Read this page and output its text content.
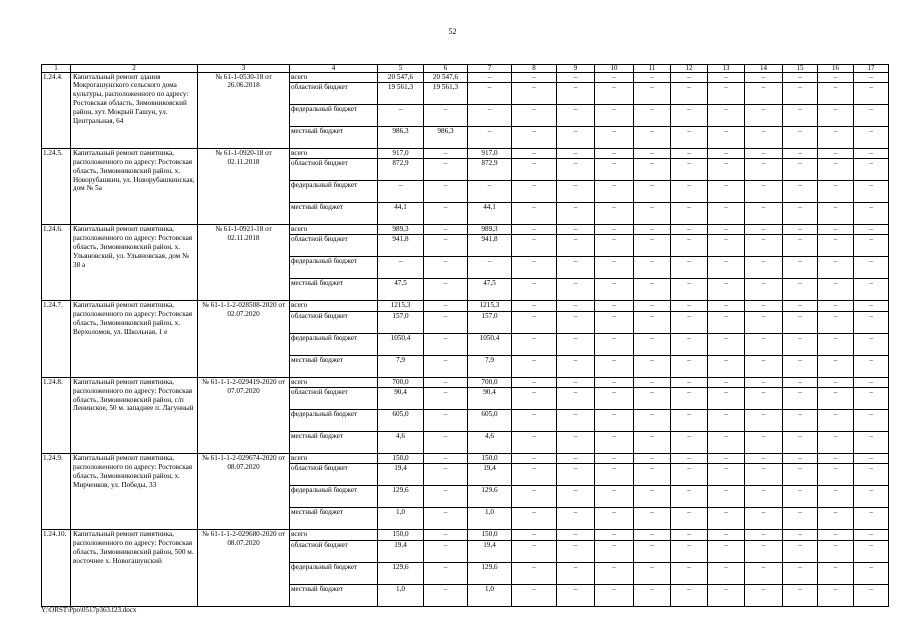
52
1	2	3	4	5	6	7	8	9	10	11	12	13	14	15	16	17
1.24.4.	Капитальный ремонт здания Мокрогашунского сельского дома культуры, расположенного по адресу: Ростовская область, Зимовниковский район, хут. Мокрый Гашун, ул. Центральная, 64	№ 61-1-0530-18 от 26.06.2018	всего	20 547,6	20 547,6	–	–	–	–	–	–	–	–	–	–	–
			областной бюджет	19 561,3	19 561,3	–	–	–	–	–	–	–	–	–	–	–
			федеральный бюджет	–	–	–	–	–	–	–	–	–	–	–	–	–
			местный бюджет	986,3	986,3	–	–	–	–	–	–	–	–	–	–	–
1.24.5.	Капитальный ремонт памятника, расположенного по адресу: Ростовская область, Зимовниковский район, х. Новорубашкин, ул. Новорубашкинская, дом № 5а	№ 61-1-0920-18 от 02.11.2018	всего	917,0	–	917,0	–	–	–	–	–	–	–	–	–	–
			областной бюджет	872,9	–	872,9	–	–	–	–	–	–	–	–	–	–
			федеральный бюджет	–	–	–	–	–	–	–	–	–	–	–	–	–
			местный бюджет	44,1	–	44,1	–	–	–	–	–	–	–	–	–	–
1.24.6.	Капитальный ремонт памятника, расположенного по адресу: Ростовская область, Зимовниковский район, х. Ульяновский, ул. Ульяновская, дом № 38 а	№ 61-1-0921-18 от 02.11.2018	всего	989,3	–	989,3	–	–	–	–	–	–	–	–	–	–
			областной бюджет	941,8	–	941,8	–	–	–	–	–	–	–	–	–	–
			федеральный бюджет	–	–	–	–	–	–	–	–	–	–	–	–	–
			местный бюджет	47,5	–	47,5	–	–	–	–	–	–	–	–	–	–
1.24.7.	Капитальный ремонт памятника, расположенного по адресу: Ростовская область, Зимовниковский район, х. Верхоломов, ул. Школьная, 1 е	№ 61-1-1-2-028508-2020 от 02.07.2020	всего	1215,3	–	1215,3	–	–	–	–	–	–	–	–	–	–
			областной бюджет	157,0	–	157,0	–	–	–	–	–	–	–	–	–	–
			федеральный бюджет	1050,4	–	1050,4	–	–	–	–	–	–	–	–	–	–
			местный бюджет	7,9	–	7,9	–	–	–	–	–	–	–	–	–	–
1.24.8.	Капитальный ремонт памятника, расположенного по адресу: Ростовская область, Зимовниковский район, с/п Ленинское, 50 м. западнее п. Лагунный	№ 61-1-1-2-029419-2020 от 07.07.2020	всего	700,0	–	700,0	–	–	–	–	–	–	–	–	–	–
			областной бюджет	90,4	–	90,4	–	–	–	–	–	–	–	–	–	–
			федеральный бюджет	605,0	–	605,0	–	–	–	–	–	–	–	–	–	–
			местный бюджет	4,6	–	4,6	–	–	–	–	–	–	–	–	–	–
1.24.9.	Капитальный ремонт памятника, расположенного по адресу: Ростовская область, Зимовниковский район, х. Мирченков, ул. Победы, 33	№ 61-1-1-2-029674-2020 от 08.07.2020	всего	150,0	–	150,0	–	–	–	–	–	–	–	–	–	–
			областной бюджет	19,4	–	19,4	–	–	–	–	–	–	–	–	–	–
			федеральный бюджет	129,6	–	129,6	–	–	–	–	–	–	–	–	–	–
			местный бюджет	1,0	–	1,0	–	–	–	–	–	–	–	–	–	–
1.24.10.	Капитальный ремонт памятника, расположенного по адресу: Ростовская область, Зимовниковский район, 500 м. восточнее х. Новогашунский	№ 61-1-1-2-029680-2020 от 08.07.2020	всего	150,0	–	150,0	–	–	–	–	–	–	–	–	–	–
			областной бюджет	19,4	–	19,4	–	–	–	–	–	–	–	–	–	–
			федеральный бюджет	129,6	–	129,6	–	–	–	–	–	–	–	–	–	–
			местный бюджет	1,0	–	1,0	–	–	–	–	–	–	–	–	–	–
Y:\ORST\Ppo\0517p363.f23.docx
